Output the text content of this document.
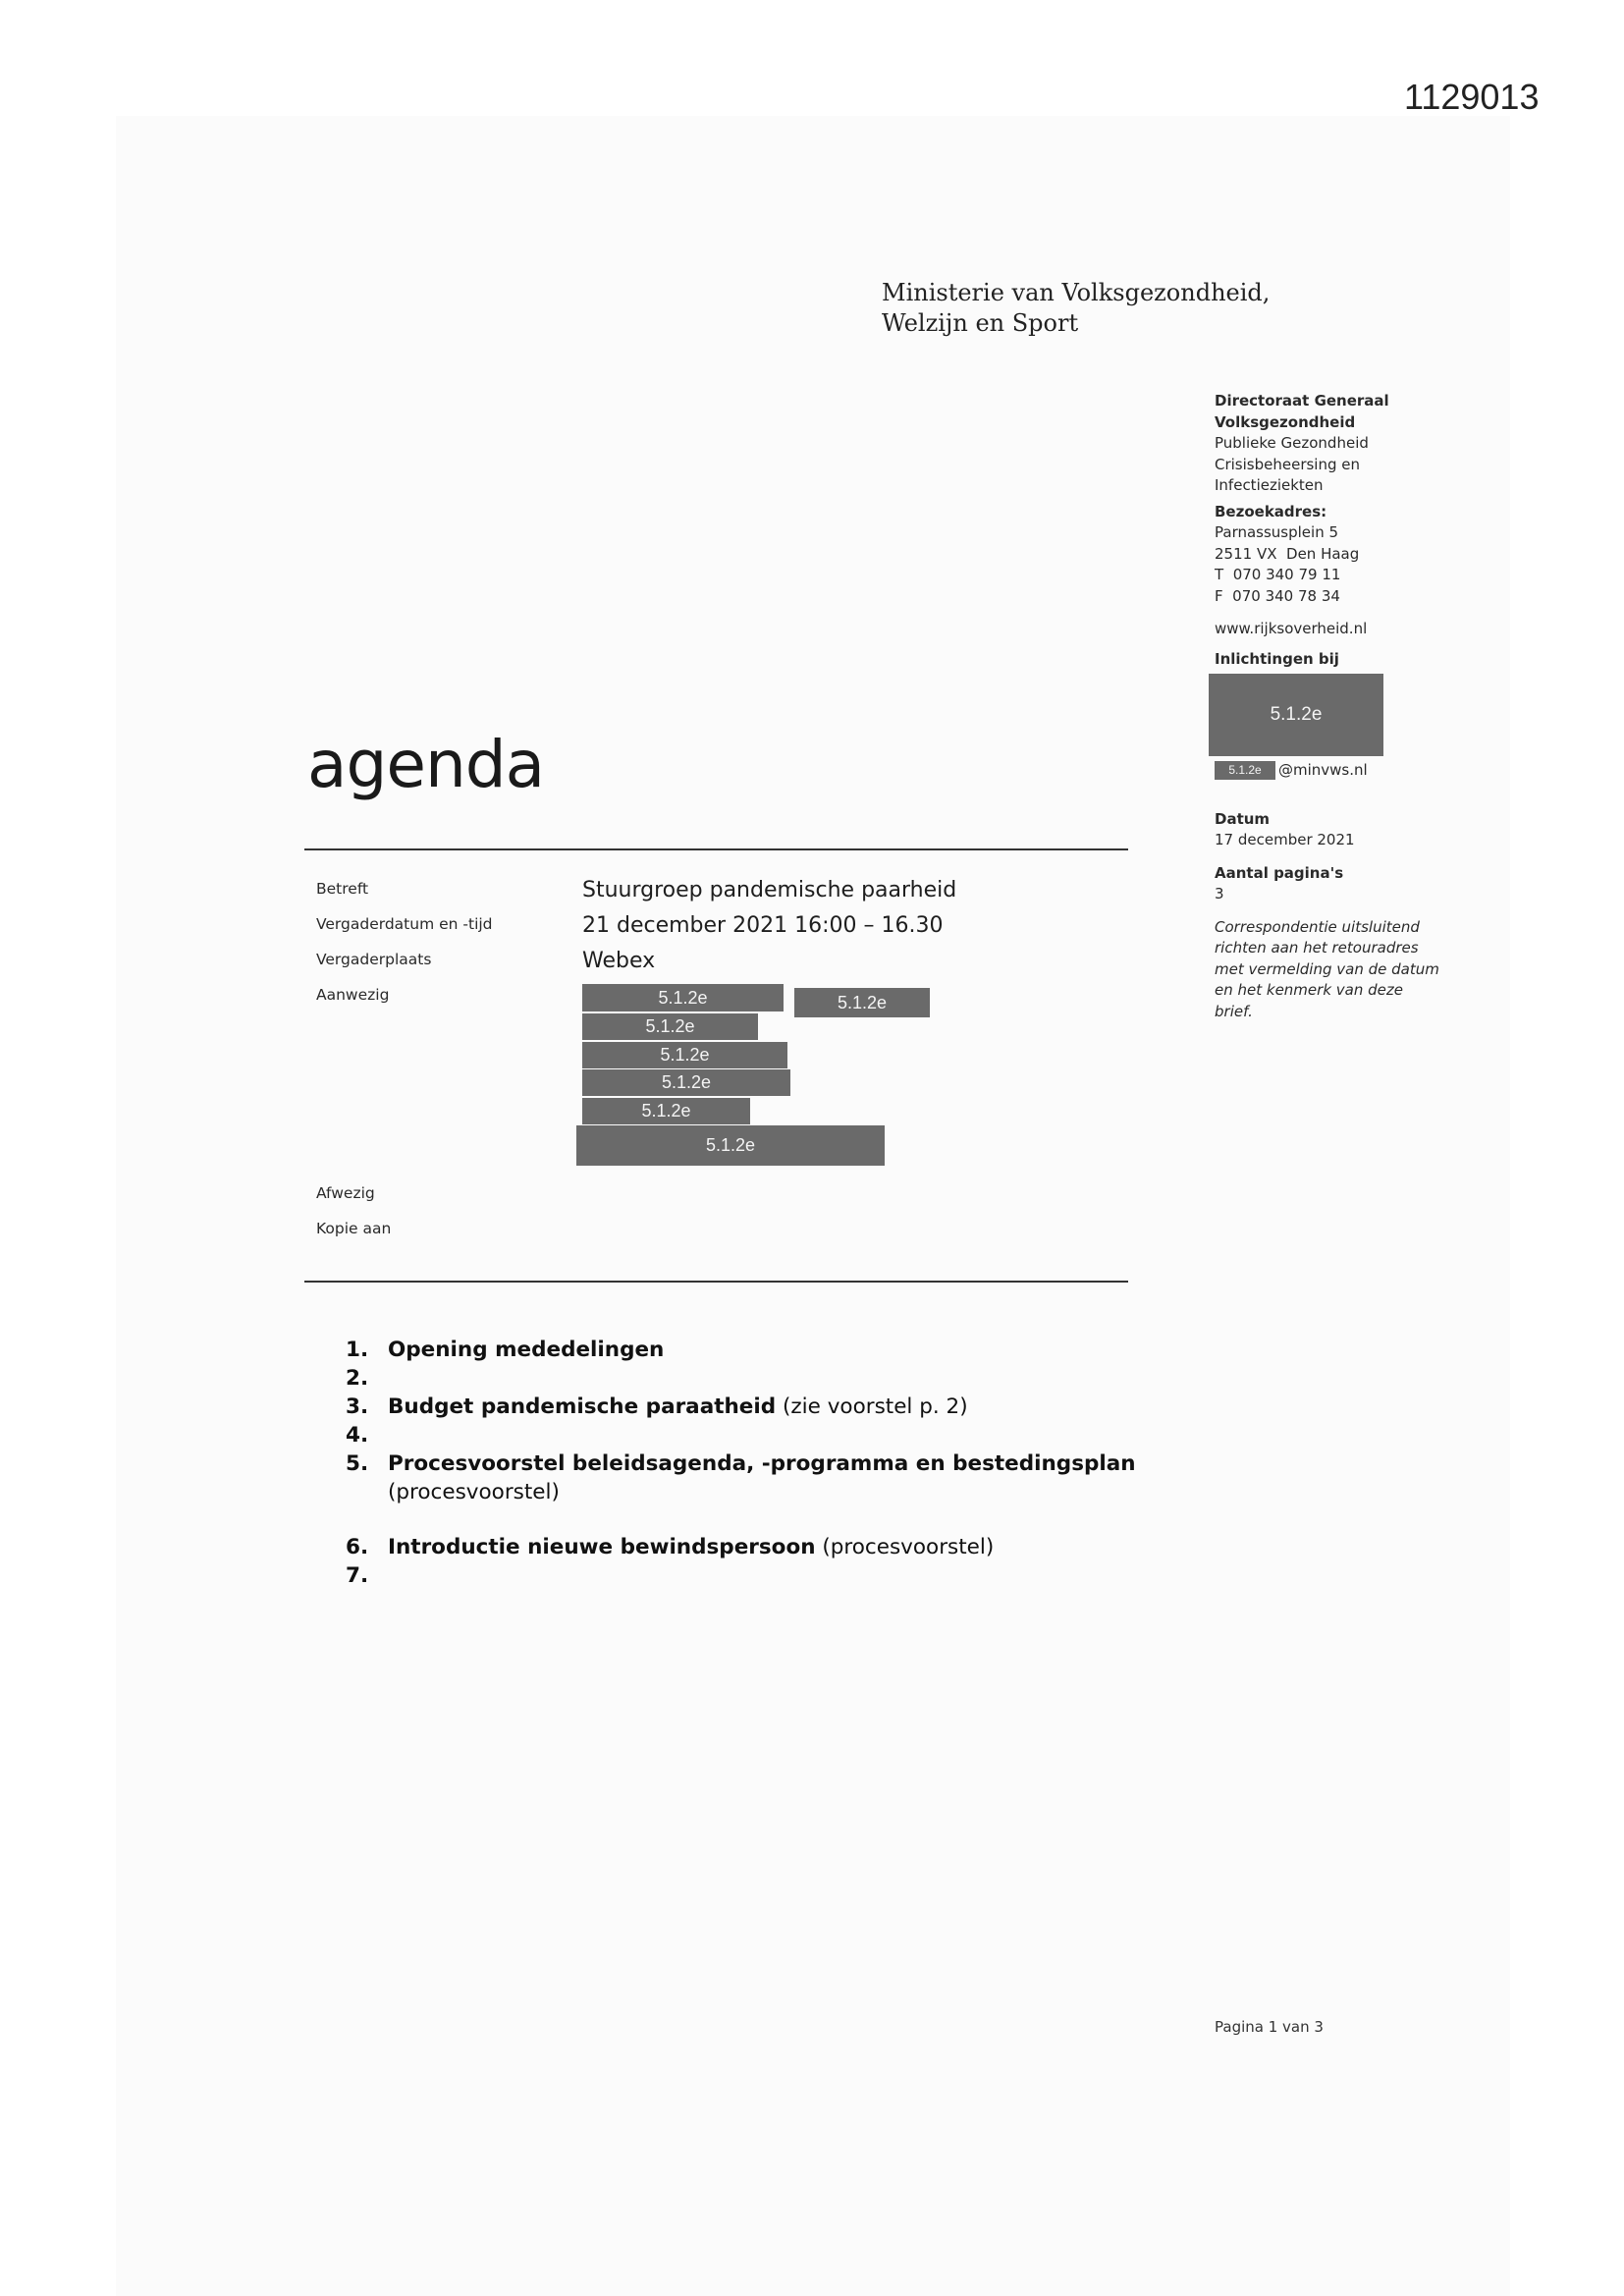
1129013
Ministerie van Volksgezondheid,
Welzijn en Sport
Directoraat Generaal
Volksgezondheid
Publieke Gezondheid
Crisisbeheersing en
Infectieziekten
Bezoekadres:
Parnassusplein 5
2511 VX  Den Haag
T  070 340 79 11
F  070 340 78 34
www.rijksoverheid.nl
Inlichtingen bij
5.1.2e
5.1.2e	@minvws.nl
Datum
17 december 2021
Aantal pagina's
3
Correspondentie uitsluitend
richten aan het retouradres
met vermelding van de datum
en het kenmerk van deze
brief.
agenda
Betreft	Stuurgroep pandemische paarheid
Vergaderdatum en -tijd	21 december 2021 16:00 – 16.30
Vergaderplaats	Webex
Aanwezig	5.1.2e	5.1.2e
5.1.2e
5.1.2e
5.1.2e
5.1.2e
5.1.2e
Afwezig
Kopie aan
1. Opening mededelingen
2.
3. Budget pandemische paraatheid (zie voorstel p. 2)
4.
5. Procesvoorstel beleidsagenda, -programma en bestedingsplan
(procesvoorstel)
6. Introductie nieuwe bewindspersoon (procesvoorstel)
7.
Pagina 1 van 3
